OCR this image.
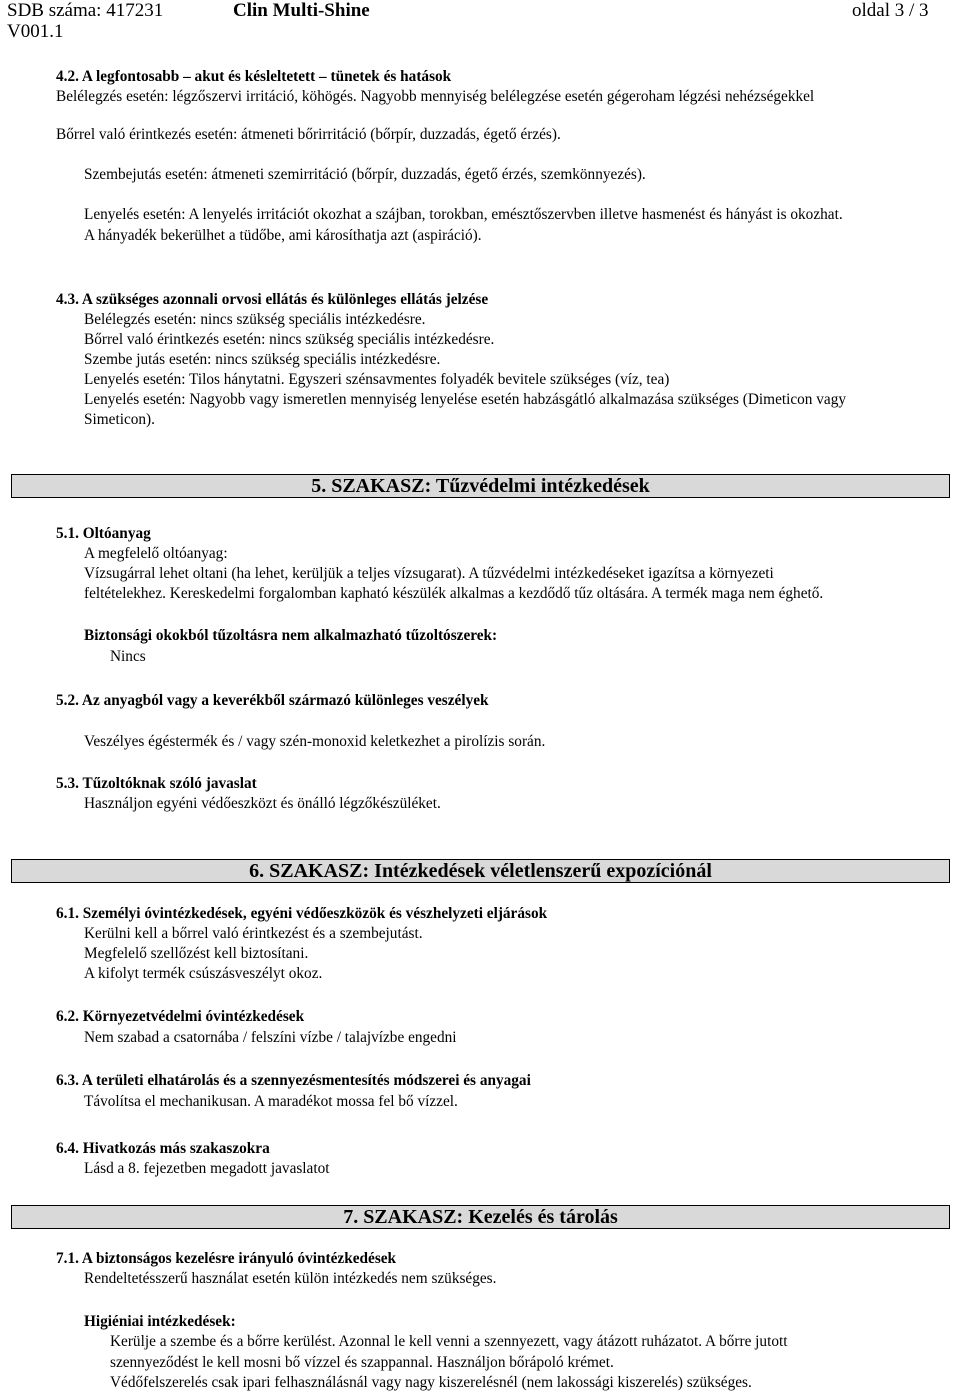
SDB száma: 417231
V001.1
Clin Multi-Shine	oldal 3 / 3
4.2. A legfontosabb – akut és késleltetett – tünetek és hatások
Belélegzés esetén: légzőszervi irritáció, köhögés. Nagyobb mennyiség belélegzése esetén gégeroham légzési nehézségekkel
Bőrrel való érintkezés esetén: átmeneti bőrirritáció (bőrpír, duzzadás, égető érzés).
Szembejutás esetén: átmeneti szemirritáció (bőrpír, duzzadás, égető érzés, szemkönnyezés).
Lenyelés esetén: A lenyelés irritációt okozhat a szájban, torokban, emésztőszervben illetve hasmenést és hányást is okozhat.
A hányadék bekerülhet a tüdőbe, ami károsíthatja azt (aspiráció).
4.3. A szükséges azonnali orvosi ellátás és különleges ellátás jelzése
Belélegzés esetén: nincs szükség speciális intézkedésre.
Bőrrel való érintkezés esetén: nincs szükség speciális intézkedésre.
Szembe jutás esetén: nincs szükség speciális intézkedésre.
Lenyelés esetén: Tilos hánytatni. Egyszeri szénsavmentes folyadék bevitele szükséges (víz, tea)
Lenyelés esetén: Nagyobb vagy ismeretlen mennyiség lenyelése esetén habzásgátló alkalmazása szükséges (Dimeticon vagy
Simeticon).
5. SZAKASZ: Tűzvédelmi intézkedések
5.1. Oltóanyag
A megfelelő oltóanyag:
Vízsugárral lehet oltani (ha lehet, kerüljük a teljes vízsugarat). A tűzvédelmi intézkedéseket igazítsa a környezeti
feltételekhez. Kereskedelmi forgalomban kapható készülék alkalmas a kezdődő tűz oltására. A termék maga nem éghető.
Biztonsági okokból tűzoltásra nem alkalmazható tűzoltószerek:
Nincs
5.2. Az anyagból vagy a keverékből származó különleges veszélyek
Veszélyes égéstermék és / vagy szén-monoxid keletkezhet a pirolízis során.
5.3. Tűzoltóknak szóló javaslat
Használjon egyéni védőeszközt és önálló légzőkészüléket.
6. SZAKASZ: Intézkedések véletlenszerű expozíciónál
6.1. Személyi óvintézkedések, egyéni védőeszközök és vészhelyzeti eljárások
Kerülni kell a bőrrel való érintkezést és a szembejutást.
Megfelelő szellőzést kell biztosítani.
A kifolyt termék csúszásveszélyt okoz.
6.2. Környezetvédelmi óvintézkedések
Nem szabad a csatornába / felszíni vízbe / talajvízbe engedni
6.3. A területi elhatárolás és a szennyezésmentesítés módszerei és anyagai
Távolítsa el mechanikusan. A maradékot mossa fel bő vízzel.
6.4. Hivatkozás más szakaszokra
Lásd a 8. fejezetben megadott javaslatot
7. SZAKASZ: Kezelés és tárolás
7.1. A biztonságos kezelésre irányuló óvintézkedések
Rendeltetésszerű használat esetén külön intézkedés nem szükséges.
Higiéniai intézkedések:
Kerülje a szembe és a bőrre kerülést. Azonnal le kell venni a szennyezett, vagy átázott ruházatot. A bőrre jutott
szennyeződést le kell mosni bő vízzel és szappannal. Használjon bőrápoló krémet.
Védőfelszerelés csak ipari felhasználásnál vagy nagy kiszerelésnél (nem lakossági kiszerelés) szükséges.
